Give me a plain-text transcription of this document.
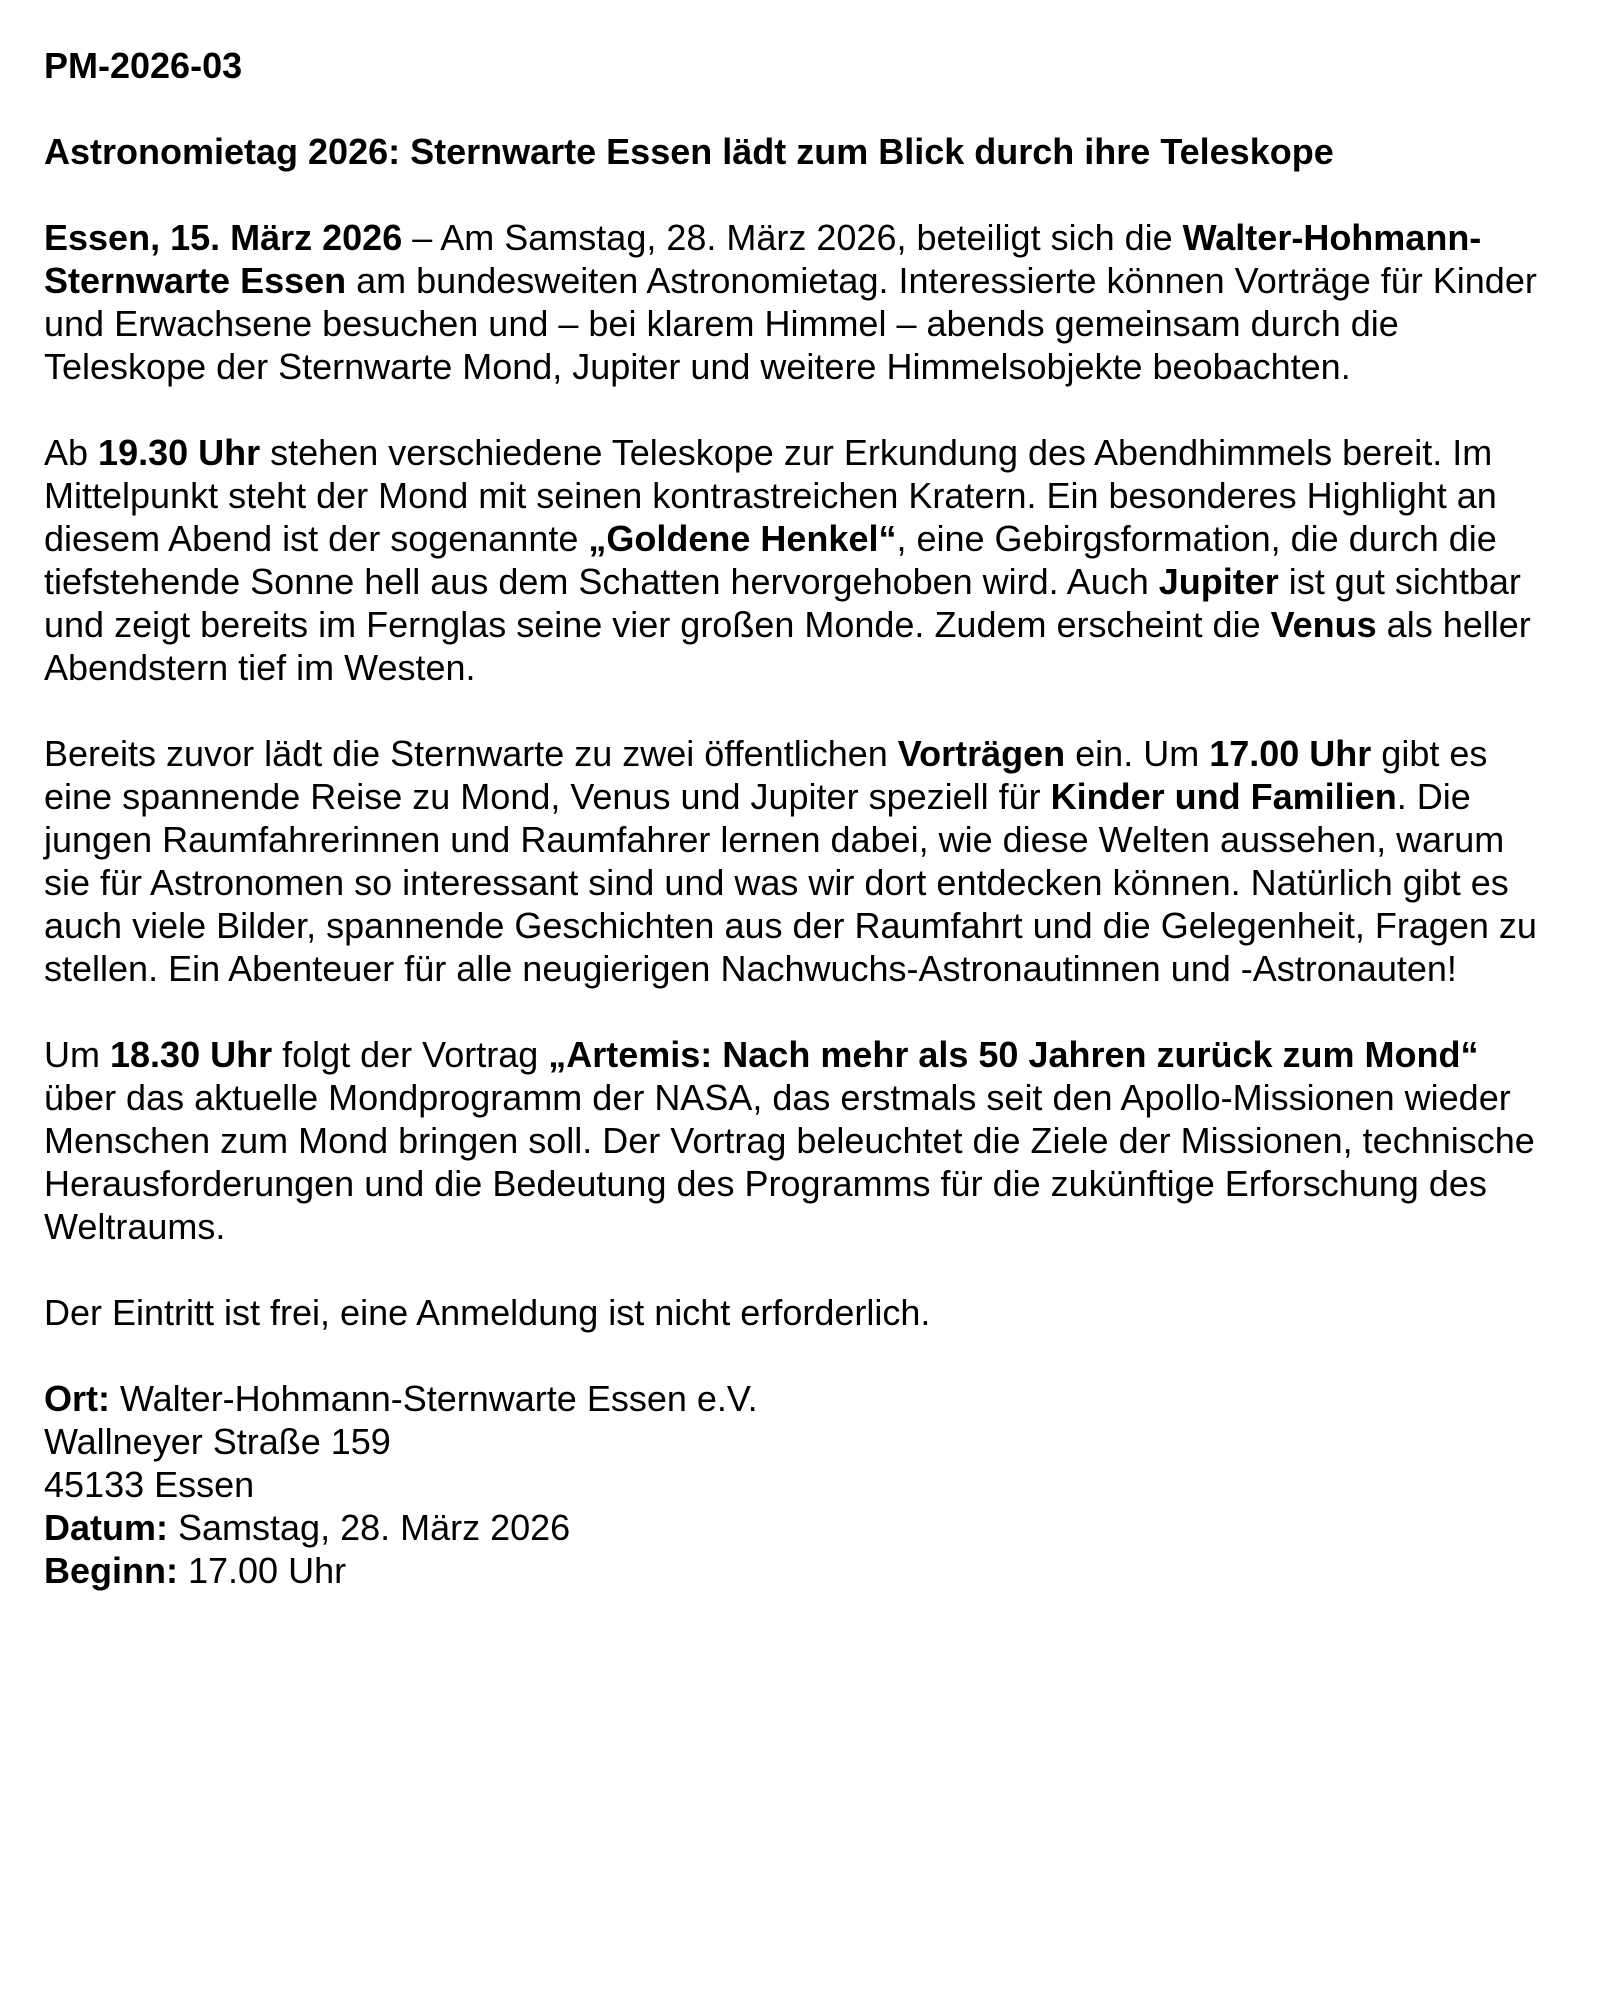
PM-2026-03

Astronomietag 2026: Sternwarte Essen lädt zum Blick durch ihre Teleskope

Essen, 15. März 2026 – Am Samstag, 28. März 2026, beteiligt sich die Walter-Hohmann-Sternwarte Essen am bundesweiten Astronomietag. Interessierte können Vorträge für Kinder und Erwachsene besuchen und – bei klarem Himmel – abends gemeinsam durch die Teleskope der Sternwarte Mond, Jupiter und weitere Himmelsobjekte beobachten.

Ab 19.30 Uhr stehen verschiedene Teleskope zur Erkundung des Abendhimmels bereit. Im Mittelpunkt steht der Mond mit seinen kontrastreichen Kratern. Ein besonderes Highlight an diesem Abend ist der sogenannte „Goldene Henkel“, eine Gebirgsformation, die durch die tiefstehende Sonne hell aus dem Schatten hervorgehoben wird. Auch Jupiter ist gut sichtbar und zeigt bereits im Fernglas seine vier großen Monde. Zudem erscheint die Venus als heller Abendstern tief im Westen.

Bereits zuvor lädt die Sternwarte zu zwei öffentlichen Vorträgen ein. Um 17.00 Uhr gibt es eine spannende Reise zu Mond, Venus und Jupiter speziell für Kinder und Familien. Die jungen Raumfahrerinnen und Raumfahrer lernen dabei, wie diese Welten aussehen, warum sie für Astronomen so interessant sind und was wir dort entdecken können. Natürlich gibt es auch viele Bilder, spannende Geschichten aus der Raumfahrt und die Gelegenheit, Fragen zu stellen. Ein Abenteuer für alle neugierigen Nachwuchs-Astronautinnen und -Astronauten!

Um 18.30 Uhr folgt der Vortrag „Artemis: Nach mehr als 50 Jahren zurück zum Mond“ über das aktuelle Mondprogramm der NASA, das erstmals seit den Apollo-Missionen wieder Menschen zum Mond bringen soll. Der Vortrag beleuchtet die Ziele der Missionen, technische Herausforderungen und die Bedeutung des Programms für die zukünftige Erforschung des Weltraums.

Der Eintritt ist frei, eine Anmeldung ist nicht erforderlich.

Ort: Walter-Hohmann-Sternwarte Essen e.V.

Wallneyer Straße 159

45133 Essen

Datum: Samstag, 28. März 2026

Beginn: 17.00 Uhr
